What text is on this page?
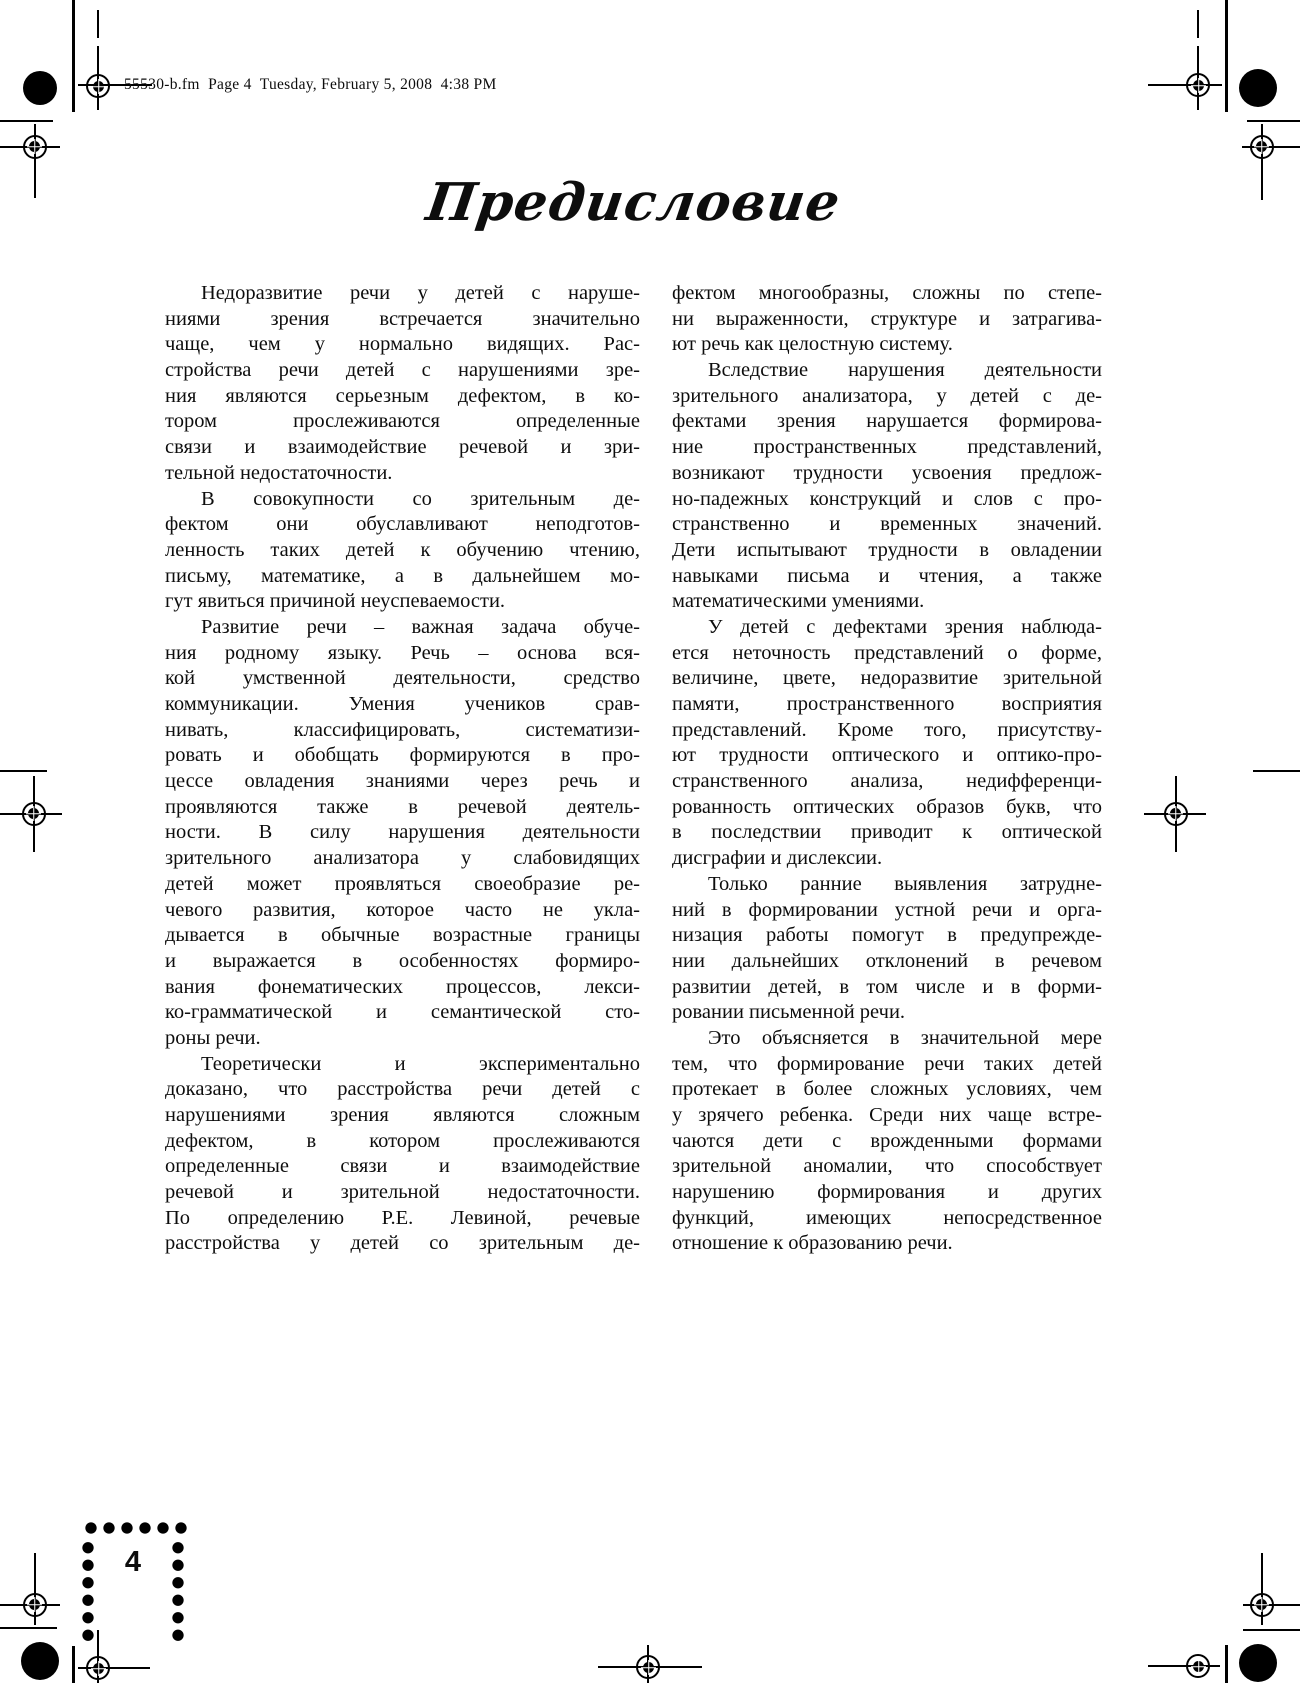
55530-b.fm  Page 4  Tuesday, February 5, 2008  4:38 PM
Предисловие
Недоразвитие речи у детей с наруше-
ниями зрения встречается значительно
чаще, чем у нормально видящих. Рас-
стройства речи детей с нарушениями зре-
ния являются серьезным дефектом, в ко-
тором прослеживаются определенные
связи и взаимодействие речевой и зри-
тельной недостаточности.
В совокупности со зрительным де-
фектом они обуславливают неподготов-
ленность таких детей к обучению чтению,
письму, математике, а в дальнейшем мо-
гут явиться причиной неуспеваемости.
Развитие речи – важная задача обуче-
ния родному языку. Речь – основа вся-
кой умственной деятельности, средство
коммуникации. Умения учеников срав-
нивать, классифицировать, систематизи-
ровать и обобщать формируются в про-
цессе овладения знаниями через речь и
проявляются также в речевой деятель-
ности. В силу нарушения деятельности
зрительного анализатора у слабовидящих
детей может проявляться своеобразие ре-
чевого развития, которое часто не укла-
дывается в обычные возрастные границы
и выражается в особенностях формиро-
вания фонематических процессов, лекси-
ко-грамматической и семантической сто-
роны речи.
Теоретически и экспериментально
доказано, что расстройства речи детей с
нарушениями зрения являются сложным
дефектом, в котором прослеживаются
определенные связи и взаимодействие
речевой и зрительной недостаточности.
По определению Р.Е. Левиной, речевые
расстройства у детей со зрительным де-
фектом многообразны, сложны по степе-
ни выраженности, структуре и затрагива-
ют речь как целостную систему.
Вследствие нарушения деятельности
зрительного анализатора, у детей с де-
фектами зрения нарушается формирова-
ние пространственных представлений,
возникают трудности усвоения предлож-
но-падежных конструкций и слов с про-
странственно и временных значений.
Дети испытывают трудности в овладении
навыками письма и чтения, а также
математическими умениями.
У детей с дефектами зрения наблюда-
ется неточность представлений о форме,
величине, цвете, недоразвитие зрительной
памяти, пространственного восприятия
представлений. Кроме того, присутству-
ют трудности оптического и оптико-про-
странственного анализа, недифференци-
рованность оптических образов букв, что
в последствии приводит к оптической
дисграфии и дислексии.
Только ранние выявления затрудне-
ний в формировании устной речи и орга-
низация работы помогут в предупрежде-
нии дальнейших отклонений в речевом
развитии детей, в том числе и в форми-
ровании письменной речи.
Это объясняется в значительной мере
тем, что формирование речи таких детей
протекает в более сложных условиях, чем
у зрячего ребенка. Среди них чаще встре-
чаются дети с врожденными формами
зрительной аномалии, что способствует
нарушению формирования и других
функций, имеющих непосредственное
отношение к образованию речи.
4
